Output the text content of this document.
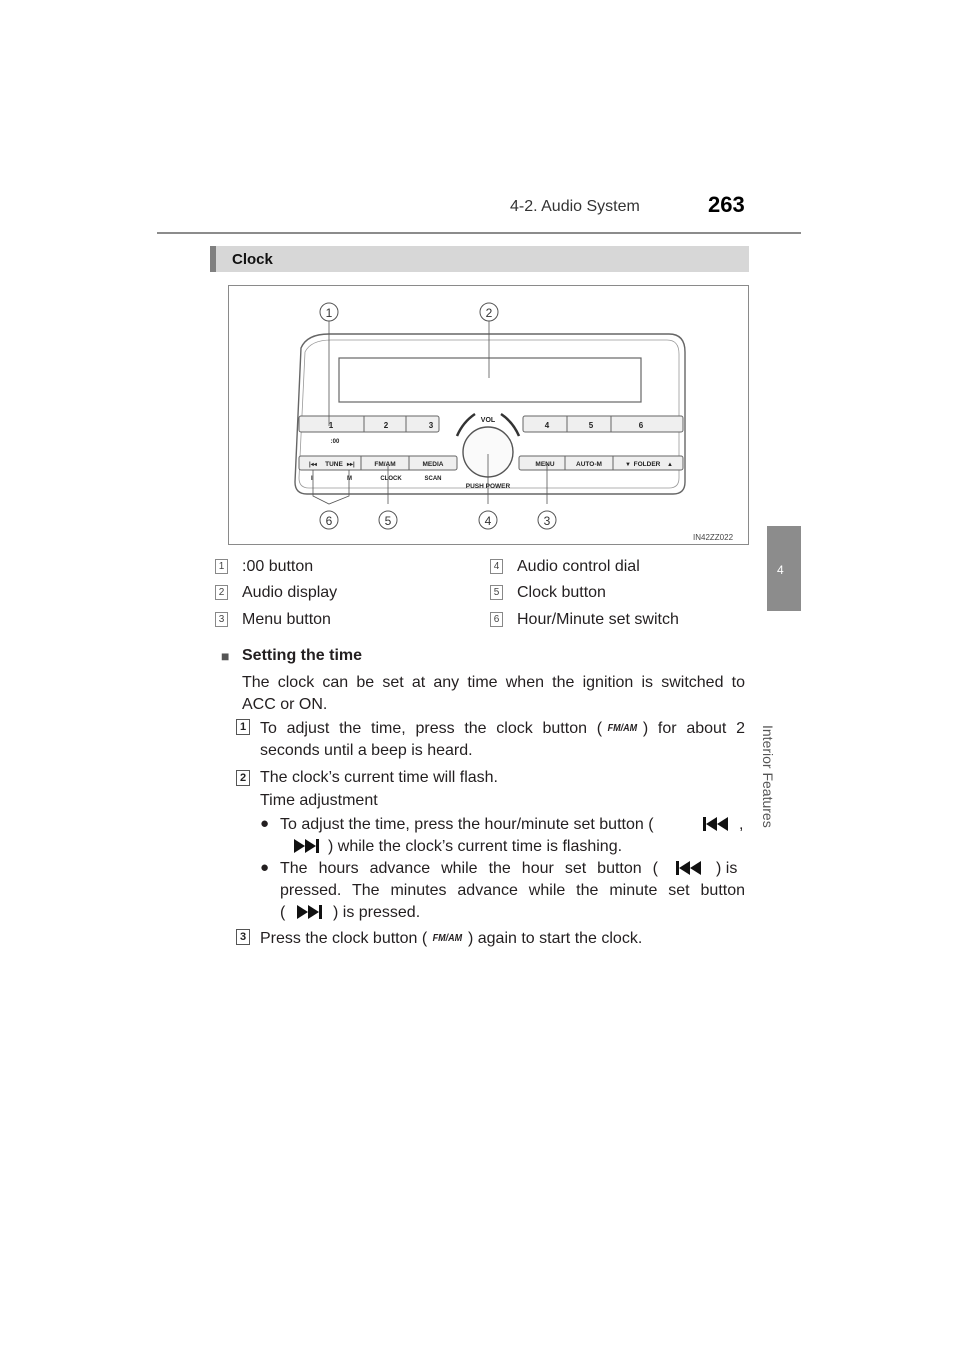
4-2. Audio System	263
4
Interior Features
Clock
1	2	3
:00
4	5	6
VOL
|◂◂ TUNE ▸▸|	FM/AM	MEDIA
CLOCK	SCAN
I	M
MENU	AUTO-M	▼ FOLDER ▲
PUSH POWER
1	2
3
4
5
6
IN42ZZ022
1 :00 button
2 Audio display
3 Menu button
4 Audio control dial
5 Clock button
6 Hour/Minute set switch
■ Setting the time
The clock can be set at any time when the ignition is switched to
ACC or ON.
1 To adjust the time, press the clock button ( FM/AM ) for about 2
seconds until a beep is heard.
2 The clock’s current time will flash.
Time adjustment
● To adjust the time, press the hour/minute set button (	,
) while the clock’s current time is flashing.
● The hours advance while the hour set button (	) is
pressed. The minutes advance while the minute set button
(	) is pressed.
3 Press the clock button ( FM/AM ) again to start the clock.
